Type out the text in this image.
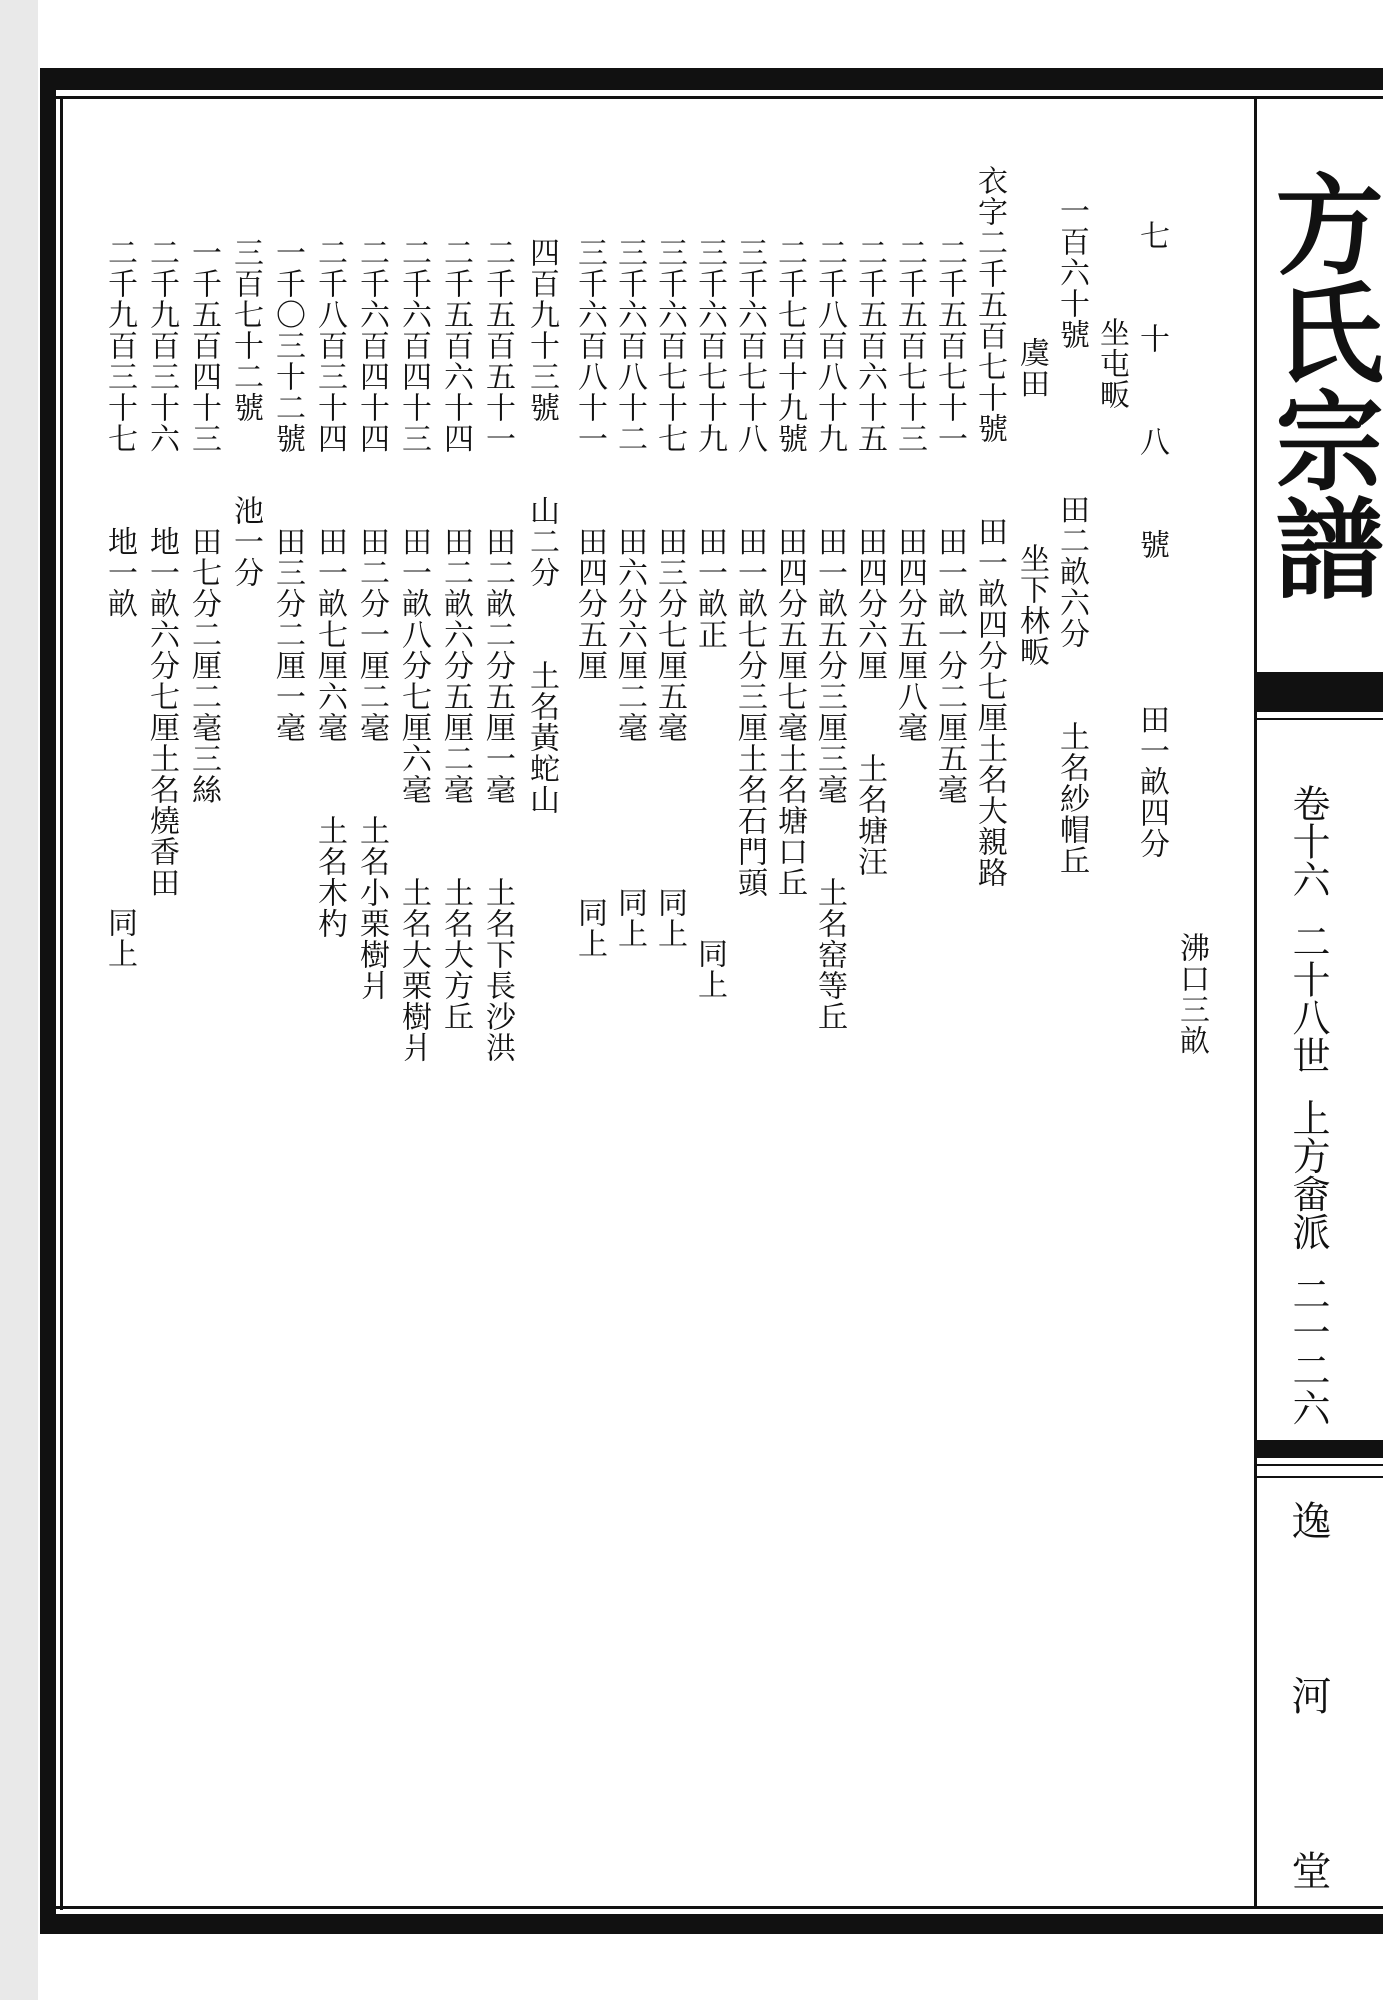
方氏宗譜
卷十六  二十八世  上方畲派  二一二六
逸
河
堂
沸口三畝
七  十  八  號    田一畝四分
坐屯畈
一百六十號    田二畝六分  土名紗帽丘
虞田    坐下林畈
衣字二千五百七十號  田一畝四分七厘土名大親路
二千五百七十一  田一畝一分二厘五毫
二千五百七十三  田四分五厘八毫
二千五百六十五  田四分六厘  土名塘汪
二千八百八十九  田一畝五分三厘三毫  土名窑等丘
二千七百十九號  田四分五厘七毫土名塘口丘
三千六百七十八  田一畝七分三厘土名石門頭
三千六百七十九  田一畝正        同上
三千六百七十七  田三分七厘五毫    同上
三千六百八十二  田六分六厘二毫    同上
三千六百八十一  田四分五厘      同上
四百九十三號  山二分  土名黃蛇山
二千五百五十一  田二畝二分五厘一毫  土名下長沙洪
二千五百六十四  田二畝六分五厘二毫  土名大方丘
二千六百四十三  田一畝八分七厘六毫  土名大栗樹爿
二千六百四十四  田二分一厘二毫  土名小栗樹爿
二千八百三十四  田一畝七厘六毫  土名木杓
一千〇三十二號  田三分二厘一毫
三百七十二號  池一分
一千五百四十三  田七分二厘二毫三絲
二千九百三十六  地一畝六分七厘土名燒香田
二千九百三十七  地一畝        同上
